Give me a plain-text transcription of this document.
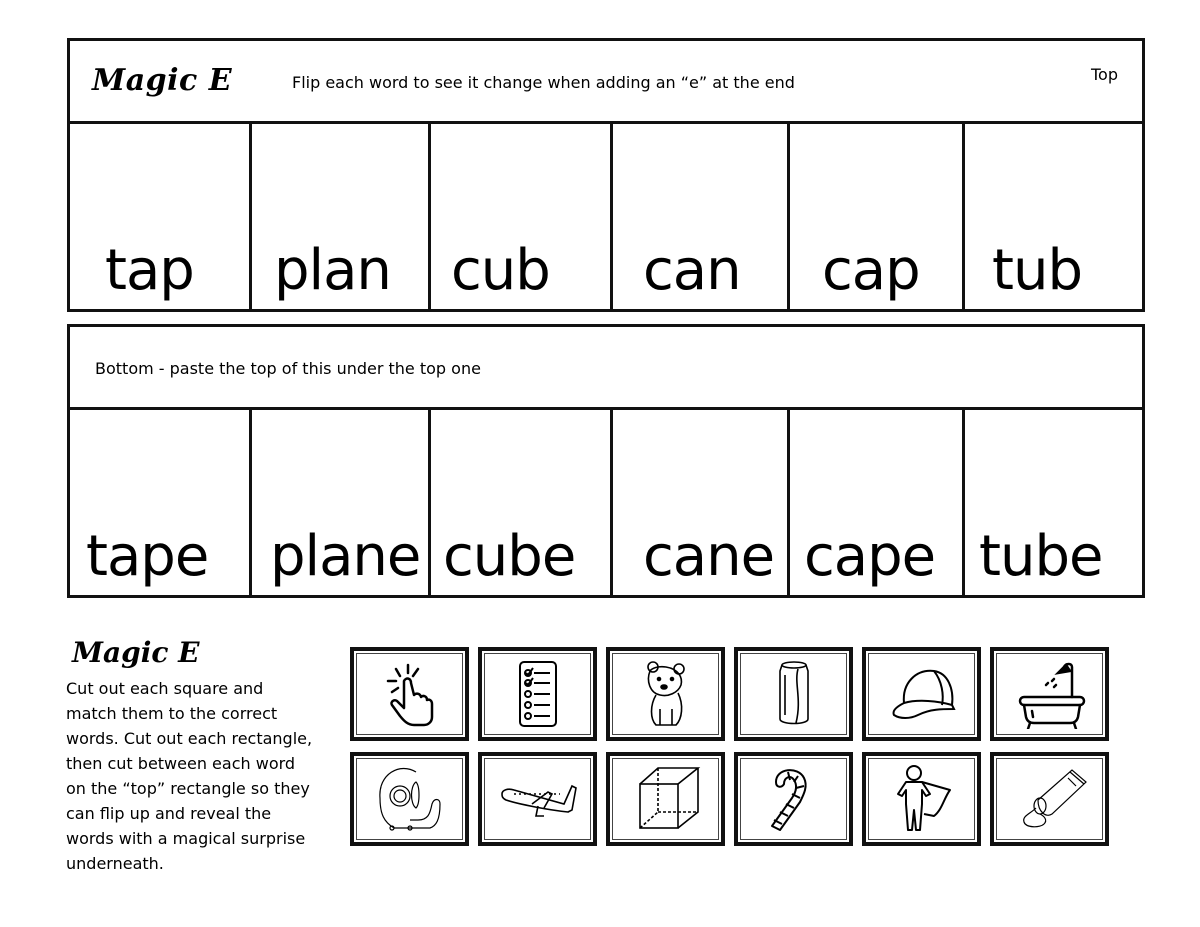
Magic E	Flip each word to see it change when adding an “e” at the end	Top
tap plan cub can cap tub
Bottom - paste the top of this under the top one
tape plane cube cane cape tube
Magic E
Cut out each square and match them to the correct words. Cut out each rectangle, then cut between each word on the “top” rectangle so they can flip up and reveal the words with a magical surprise underneath.
